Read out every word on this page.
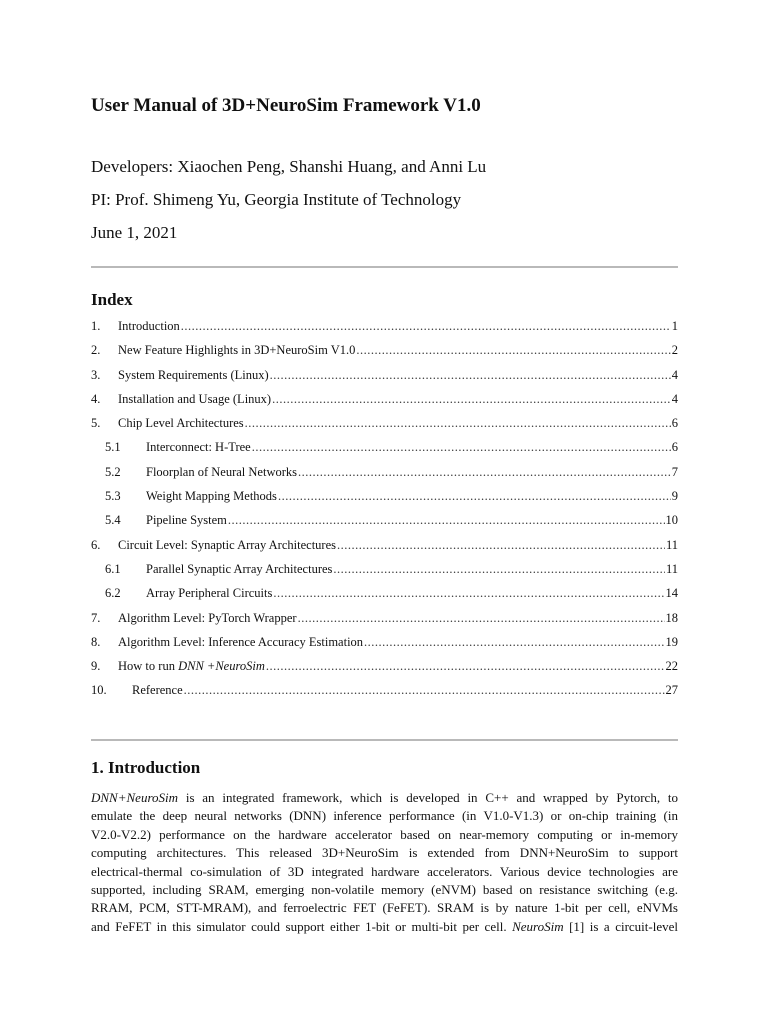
User Manual of 3D+NeuroSim Framework V1.0
Developers: Xiaochen Peng, Shanshi Huang, and Anni Lu
PI: Prof. Shimeng Yu, Georgia Institute of Technology
June 1, 2021
Index
1.	Introduction .....	1
2.	New Feature Highlights in 3D+NeuroSim V1.0 .....	2
3.	System Requirements (Linux) .....	4
4.	Installation and Usage (Linux) .....	4
5.	Chip Level Architectures .....	6
5.1	Interconnect: H-Tree .....	6
5.2	Floorplan of Neural Networks .....	7
5.3	Weight Mapping Methods .....	9
5.4	Pipeline System .....	10
6.	Circuit Level: Synaptic Array Architectures .....	11
6.1	Parallel Synaptic Array Architectures .....	11
6.2	Array Peripheral Circuits .....	14
7.	Algorithm Level: PyTorch Wrapper .....	18
8.	Algorithm Level: Inference Accuracy Estimation .....	19
9.	How to run DNN +NeuroSim .....	22
10.	Reference .....	27
1. Introduction
DNN+NeuroSim is an integrated framework, which is developed in C++ and wrapped by Pytorch, to
emulate the deep neural networks (DNN) inference performance (in V1.0-V1.3) or on-chip training (in
V2.0-V2.2) performance on the hardware accelerator based on near-memory computing or in-memory
computing architectures. This released 3D+NeuroSim is extended from DNN+NeuroSim to support
electrical-thermal co-simulation of 3D integrated hardware accelerators. Various device technologies are
supported, including SRAM, emerging non-volatile memory (eNVM) based on resistance switching (e.g.
RRAM, PCM, STT-MRAM), and ferroelectric FET (FeFET). SRAM is by nature 1-bit per cell, eNVMs
and FeFET in this simulator could support either 1-bit or multi-bit per cell. NeuroSim [1] is a circuit-level
